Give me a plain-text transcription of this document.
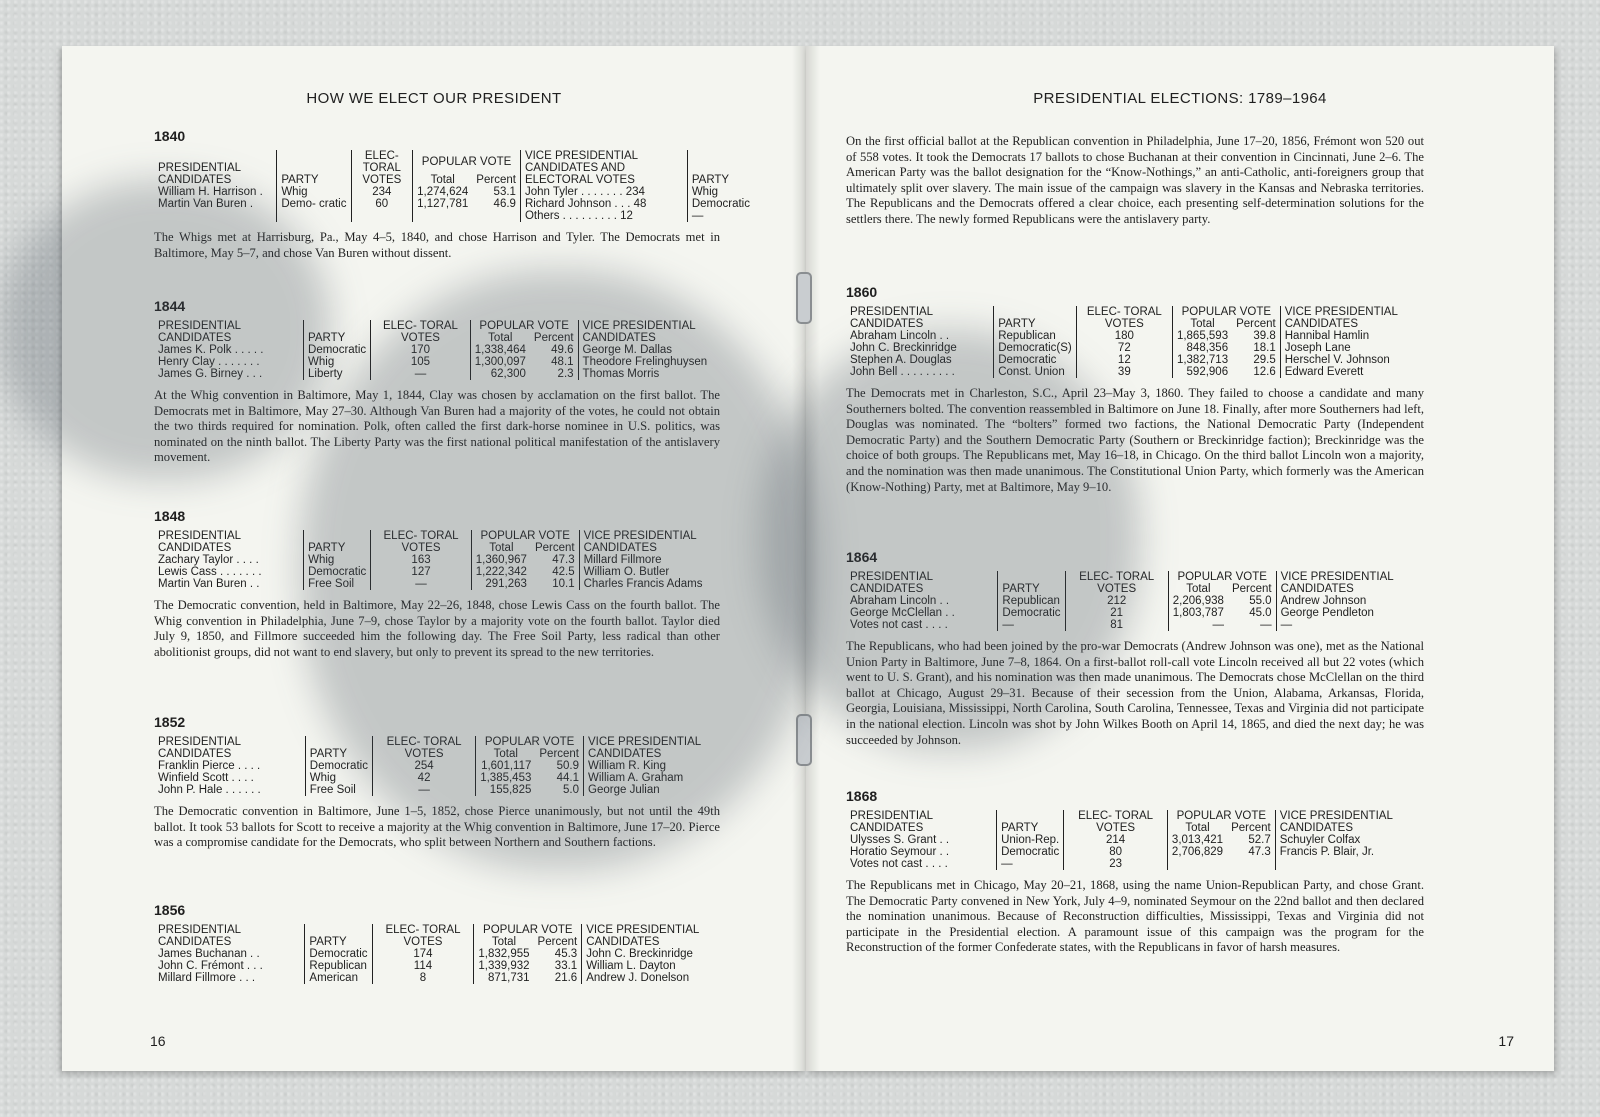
HOW WE ELECT OUR PRESIDENT
1840
PRESIDENTIAL CANDIDATES	PARTY	ELEC- TORAL VOTES	POPULAR VOTE		VICE PRESIDENTIAL CANDIDATES AND ELECTORAL VOTES	PARTY
			Total	Percent		
William H. Harrison .	Whig	234	1,274,624	53.1	John Tyler . . . . . . . 234	Whig
Martin Van Buren .	Demo- cratic	60	1,127,781	46.9	Richard Johnson . . . 48	Democratic
					Others . . . . . . . . . 12	—
The Whigs met at Harrisburg, Pa., May 4–5, 1840, and chose Harrison and Tyler. The Democrats met in Baltimore, May 5–7, and chose Van Buren without dissent.
1844
PRESIDENTIAL CANDIDATES	PARTY	ELEC- TORAL VOTES	POPULAR VOTE		VICE PRESIDENTIAL CANDIDATES
			Total	Percent	
James K. Polk . . . . .	Democratic	170	1,338,464	49.6	George M. Dallas
Henry Clay . . . . . . .	Whig	105	1,300,097	48.1	Theodore Frelinghuysen
James G. Birney . . .	Liberty	—	62,300	2.3	Thomas Morris
At the Whig convention in Baltimore, May 1, 1844, Clay was chosen by acclamation on the first ballot. The Democrats met in Baltimore, May 27–30. Although Van Buren had a majority of the votes, he could not obtain the two thirds required for nomination. Polk, often called the first dark-horse nominee in U.S. politics, was nominated on the ninth ballot. The Liberty Party was the first national political manifestation of the antislavery movement.
1848
PRESIDENTIAL CANDIDATES	PARTY	ELEC- TORAL VOTES	POPULAR VOTE		VICE PRESIDENTIAL CANDIDATES
			Total	Percent	
Zachary Taylor . . . .	Whig	163	1,360,967	47.3	Millard Fillmore
Lewis Cass . . . . . . .	Democratic	127	1,222,342	42.5	William O. Butler
Martin Van Buren . .	Free Soil	—	291,263	10.1	Charles Francis Adams
The Democratic convention, held in Baltimore, May 22–26, 1848, chose Lewis Cass on the fourth ballot. The Whig convention in Philadelphia, June 7–9, chose Taylor by a majority vote on the fourth ballot. Taylor died July 9, 1850, and Fillmore succeeded him the following day. The Free Soil Party, less radical than other abolitionist groups, did not want to end slavery, but only to prevent its spread to the new territories.
1852
PRESIDENTIAL CANDIDATES	PARTY	ELEC- TORAL VOTES	POPULAR VOTE		VICE PRESIDENTIAL CANDIDATES
			Total	Percent	
Franklin Pierce . . . .	Democratic	254	1,601,117	50.9	William R. King
Winfield Scott . . . .	Whig	42	1,385,453	44.1	William A. Graham
John P. Hale . . . . . .	Free Soil	—	155,825	5.0	George Julian
The Democratic convention in Baltimore, June 1–5, 1852, chose Pierce unanimously, but not until the 49th ballot. It took 53 ballots for Scott to receive a majority at the Whig convention in Baltimore, June 17–20. Pierce was a compromise candidate for the Democrats, who split between Northern and Southern factions.
1856
PRESIDENTIAL CANDIDATES	PARTY	ELEC- TORAL VOTES	POPULAR VOTE		VICE PRESIDENTIAL CANDIDATES
			Total	Percent	
James Buchanan . .	Democratic	174	1,832,955	45.3	John C. Breckinridge
John C. Frémont . . .	Republican	114	1,339,932	33.1	William L. Dayton
Millard Fillmore . . .	American	8	871,731	21.6	Andrew J. Donelson
16
PRESIDENTIAL ELECTIONS: 1789–1964
On the first official ballot at the Republican convention in Philadelphia, June 17–20, 1856, Frémont won 520 out of 558 votes. It took the Democrats 17 ballots to chose Buchanan at their convention in Cincinnati, June 2–6. The American Party was the ballot designation for the “Know-Nothings,” an anti-Catholic, anti-foreigners group that ultimately split over slavery. The main issue of the campaign was slavery in the Kansas and Nebraska territories. The Republicans and the Democrats offered a clear choice, each presenting self-determination solutions for the settlers there. The newly formed Republicans were the antislavery party.
1860
PRESIDENTIAL CANDIDATES	PARTY	ELEC- TORAL VOTES	POPULAR VOTE		VICE PRESIDENTIAL CANDIDATES
			Total	Percent	
Abraham Lincoln . .	Republican	180	1,865,593	39.8	Hannibal Hamlin
John C. Breckinridge	Democratic(S)	72	848,356	18.1	Joseph Lane
Stephen A. Douglas	Democratic	12	1,382,713	29.5	Herschel V. Johnson
John Bell . . . . . . . . .	Const. Union	39	592,906	12.6	Edward Everett
The Democrats met in Charleston, S.C., April 23–May 3, 1860. They failed to choose a candidate and many Southerners bolted. The convention reassembled in Baltimore on June 18. Finally, after more Southerners had left, Douglas was nominated. The “bolters” formed two factions, the National Democratic Party (Independent Democratic Party) and the Southern Democratic Party (Southern or Breckinridge faction); Breckinridge was the choice of both groups. The Republicans met, May 16–18, in Chicago. On the third ballot Lincoln won a majority, and the nomination was then made unanimous. The Constitutional Union Party, which formerly was the American (Know-Nothing) Party, met at Baltimore, May 9–10.
1864
PRESIDENTIAL CANDIDATES	PARTY	ELEC- TORAL VOTES	POPULAR VOTE		VICE PRESIDENTIAL CANDIDATES
			Total	Percent	
Abraham Lincoln . .	Republican	212	2,206,938	55.0	Andrew Johnson
George McClellan . .	Democratic	21	1,803,787	45.0	George Pendleton
Votes not cast . . . .	—	81	—	—	—
The Republicans, who had been joined by the pro-war Democrats (Andrew Johnson was one), met as the National Union Party in Baltimore, June 7–8, 1864. On a first-ballot roll-call vote Lincoln received all but 22 votes (which went to U. S. Grant), and his nomination was then made unanimous. The Democrats chose McClellan on the third ballot at Chicago, August 29–31. Because of their secession from the Union, Alabama, Arkansas, Florida, Georgia, Louisiana, Mississippi, North Carolina, South Carolina, Tennessee, Texas and Virginia did not participate in the national election. Lincoln was shot by John Wilkes Booth on April 14, 1865, and died the next day; he was succeeded by Johnson.
1868
PRESIDENTIAL CANDIDATES	PARTY	ELEC- TORAL VOTES	POPULAR VOTE		VICE PRESIDENTIAL CANDIDATES
			Total	Percent	
Ulysses S. Grant . .	Union-Rep.	214	3,013,421	52.7	Schuyler Colfax
Horatio Seymour . .	Democratic	80	2,706,829	47.3	Francis P. Blair, Jr.
Votes not cast . . . .	—	23			
The Republicans met in Chicago, May 20–21, 1868, using the name Union-Republican Party, and chose Grant. The Democratic Party convened in New York, July 4–9, nominated Seymour on the 22nd ballot and then declared the nomination unanimous. Because of Reconstruction difficulties, Mississippi, Texas and Virginia did not participate in the Presidential election. A paramount issue of this campaign was the program for the Reconstruction of the former Confederate states, with the Republicans in favor of harsh measures.
17
